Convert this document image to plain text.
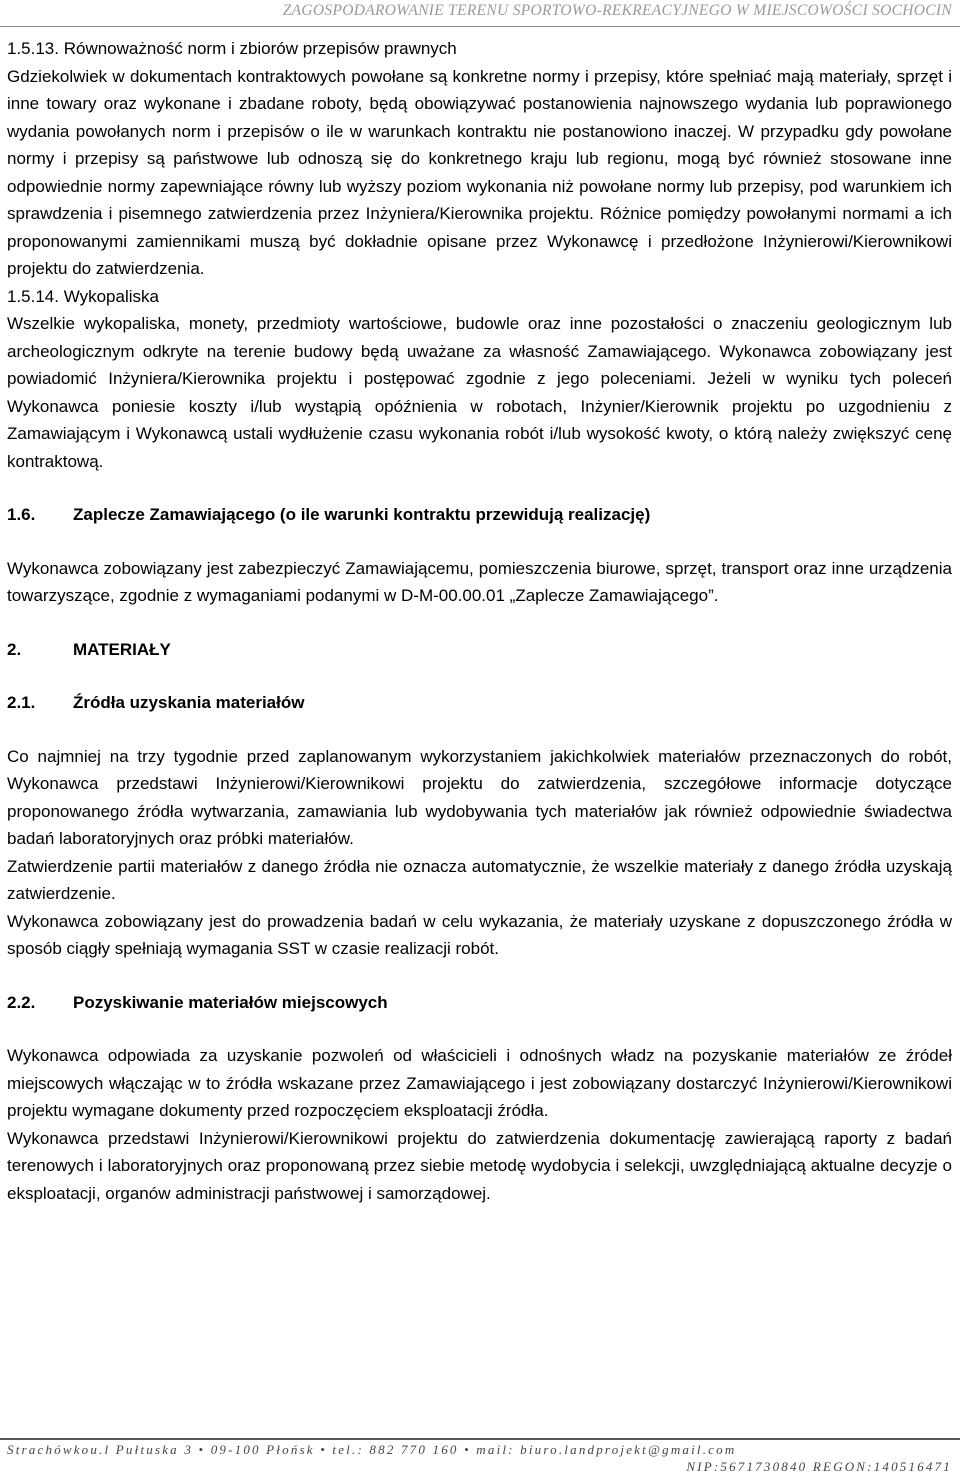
ZAGOSPODAROWANIE TERENU SPORTOWO-REKREACYJNEGO W MIEJSCOWOŚCI SOCHOCIN

1.5.13. Równoważność norm i zbiorów przepisów prawnych

Gdziekolwiek w dokumentach kontraktowych powołane są konkretne normy i przepisy, które spełniać mają materiały, sprzęt i inne towary oraz wykonane i zbadane roboty, będą obowiązywać postanowienia najnowszego wydania lub poprawionego wydania powołanych norm i przepisów o ile w warunkach kontraktu nie postanowiono inaczej. W przypadku gdy powołane normy i przepisy są państwowe lub odnoszą się do konkretnego kraju lub regionu, mogą być również stosowane inne odpowiednie normy zapewniające równy lub wyższy poziom wykonania niż powołane normy lub przepisy, pod warunkiem ich sprawdzenia i pisemnego zatwierdzenia przez Inżyniera/Kierownika projektu. Różnice pomiędzy powołanymi normami a ich proponowanymi zamiennikami muszą być dokładnie opisane przez Wykonawcę i przedłożone Inżynierowi/Kierownikowi projektu do zatwierdzenia.

1.5.14. Wykopaliska

Wszelkie wykopaliska, monety, przedmioty wartościowe, budowle oraz inne pozostałości o znaczeniu geologicznym lub archeologicznym odkryte na terenie budowy będą uważane za własność Zamawiającego. Wykonawca zobowiązany jest powiadomić Inżyniera/Kierownika projektu i postępować zgodnie z jego poleceniami. Jeżeli w wyniku tych poleceń Wykonawca poniesie koszty i/lub wystąpią opóźnienia w robotach, Inżynier/Kierownik projektu po uzgodnieniu z Zamawiającym i Wykonawcą ustali wydłużenie czasu wykonania robót i/lub wysokość kwoty, o którą należy zwiększyć cenę kontraktową.

1.6.	Zaplecze Zamawiającego (o ile warunki kontraktu przewidują realizację)

Wykonawca zobowiązany jest zabezpieczyć Zamawiającemu, pomieszczenia biurowe, sprzęt, transport oraz inne urządzenia towarzyszące, zgodnie z wymaganiami podanymi w D-M-00.00.01 „Zaplecze Zamawiającego”.

2.	MATERIAŁY

2.1.	Źródła uzyskania materiałów

Co najmniej na trzy tygodnie przed zaplanowanym wykorzystaniem jakichkolwiek materiałów przeznaczonych do robót, Wykonawca przedstawi Inżynierowi/Kierownikowi projektu do zatwierdzenia, szczegółowe informacje dotyczące proponowanego źródła wytwarzania, zamawiania lub wydobywania tych materiałów jak również odpowiednie świadectwa badań laboratoryjnych oraz próbki materiałów.

Zatwierdzenie partii materiałów z danego źródła nie oznacza automatycznie, że wszelkie materiały z danego źródła uzyskają zatwierdzenie.

Wykonawca zobowiązany jest do prowadzenia badań w celu wykazania, że materiały uzyskane z dopuszczonego źródła w sposób ciągły spełniają wymagania SST w czasie realizacji robót.

2.2.	Pozyskiwanie materiałów miejscowych

Wykonawca odpowiada za uzyskanie pozwoleń od właścicieli i odnośnych władz na pozyskanie materiałów ze źródeł miejscowych włączając w to źródła wskazane przez Zamawiającego i jest zobowiązany dostarczyć Inżynierowi/Kierownikowi projektu wymagane dokumenty przed rozpoczęciem eksploatacji źródła.

Wykonawca przedstawi Inżynierowi/Kierownikowi projektu do zatwierdzenia dokumentację zawierającą raporty z badań terenowych i laboratoryjnych oraz proponowaną przez siebie metodę wydobycia i selekcji, uwzględniającą aktualne decyzje o eksploatacji, organów administracji państwowej i samorządowej.

Strachówkou.l Pułtuska 3 • 09-100 Płońsk • tel.: 882 770 160 • mail: biuro.landprojekt@gmail.com
NIP:5671730840 REGON:140516471
